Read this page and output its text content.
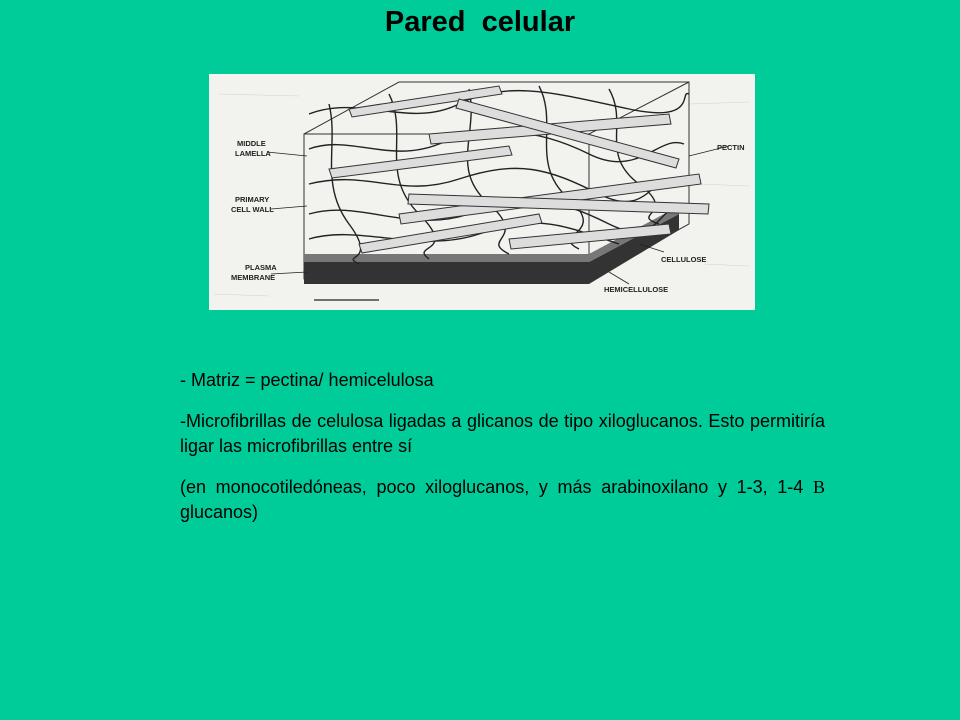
Pared  celular
MIDDLE
LAMELLA
PRIMARY
CELL WALL
PLASMA
MEMBRANE
PECTIN
CELLULOSE
HEMICELLULOSE

- Matriz = pectina/ hemicelulosa

-Microfibrillas de celulosa ligadas a glicanos de tipo xiloglucanos. Esto permitiría ligar las microfibrillas entre sí

(en monocotiledóneas, poco xiloglucanos, y más arabinoxilano y 1-3, 1-4 B glucanos)
